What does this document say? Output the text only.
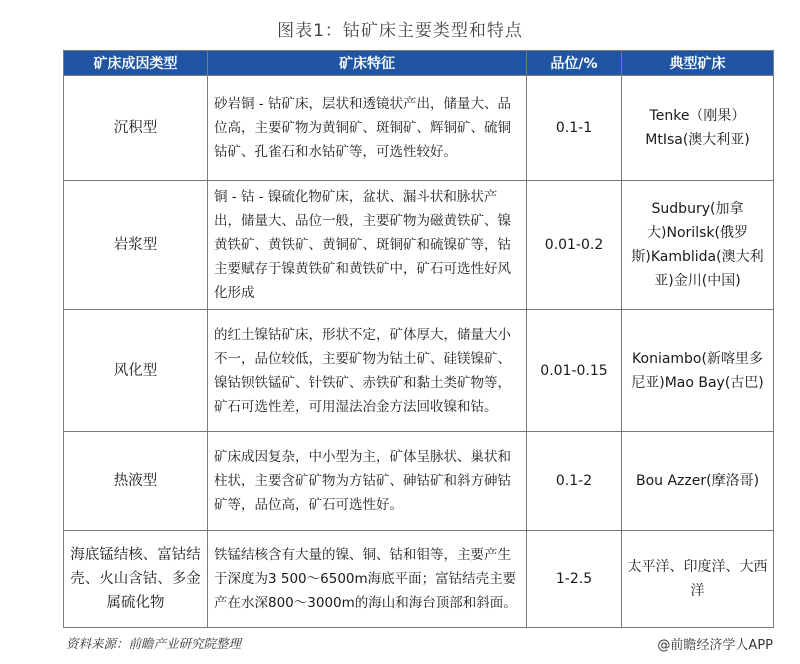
图表1：钴矿床主要类型和特点
矿床成因类型	矿床特征	品位/%	典型矿床
沉积型	砂岩铜 - 钴矿床，层状和透镜状产出，储量大、品位高，主要矿物为黄铜矿、斑铜矿、辉铜矿、硫铜钴矿、孔雀石和水钴矿等，可选性较好。	0.1-1	Tenke（刚果）MtIsa(澳大利亚)
岩浆型	铜 - 钴 - 镍硫化物矿床，盆状、漏斗状和脉状产出，储量大、品位一般，主要矿物为磁黄铁矿、镍黄铁矿、黄铁矿、黄铜矿、斑铜矿和硫镍矿等，钴主要赋存于镍黄铁矿和黄铁矿中，矿石可选性好风化形成	0.01-0.2	Sudbury(加拿大)Norilsk(俄罗斯)Kamblida(澳大利亚)金川(中国)
风化型	的红土镍钴矿床，形状不定，矿体厚大，储量大小不一，品位较低，主要矿物为钴土矿、硅镁镍矿、镍钴钡铁锰矿、针铁矿、赤铁矿和黏土类矿物等，矿石可选性差，可用湿法冶金方法回收镍和钴。	0.01-0.15	Koniambo(新喀里多尼亚)Mao Bay(古巴)
热液型	矿床成因复杂，中小型为主，矿体呈脉状、巢状和柱状，主要含矿矿物为方钴矿、砷钴矿和斜方砷钴矿等，品位高，矿石可选性好。	0.1-2	Bou Azzer(摩洛哥)
海底锰结核、富钴结壳、火山含钴、多金属硫化物	铁锰结核含有大量的镍、铜、钴和钼等，主要产生于深度为3 500～6500m海底平面；富钴结壳主要产在水深800～3000m的海山和海台顶部和斜面。	1-2.5	太平洋、印度洋、大西洋
资料来源：前瞻产业研究院整理	@前瞻经济学人APP
